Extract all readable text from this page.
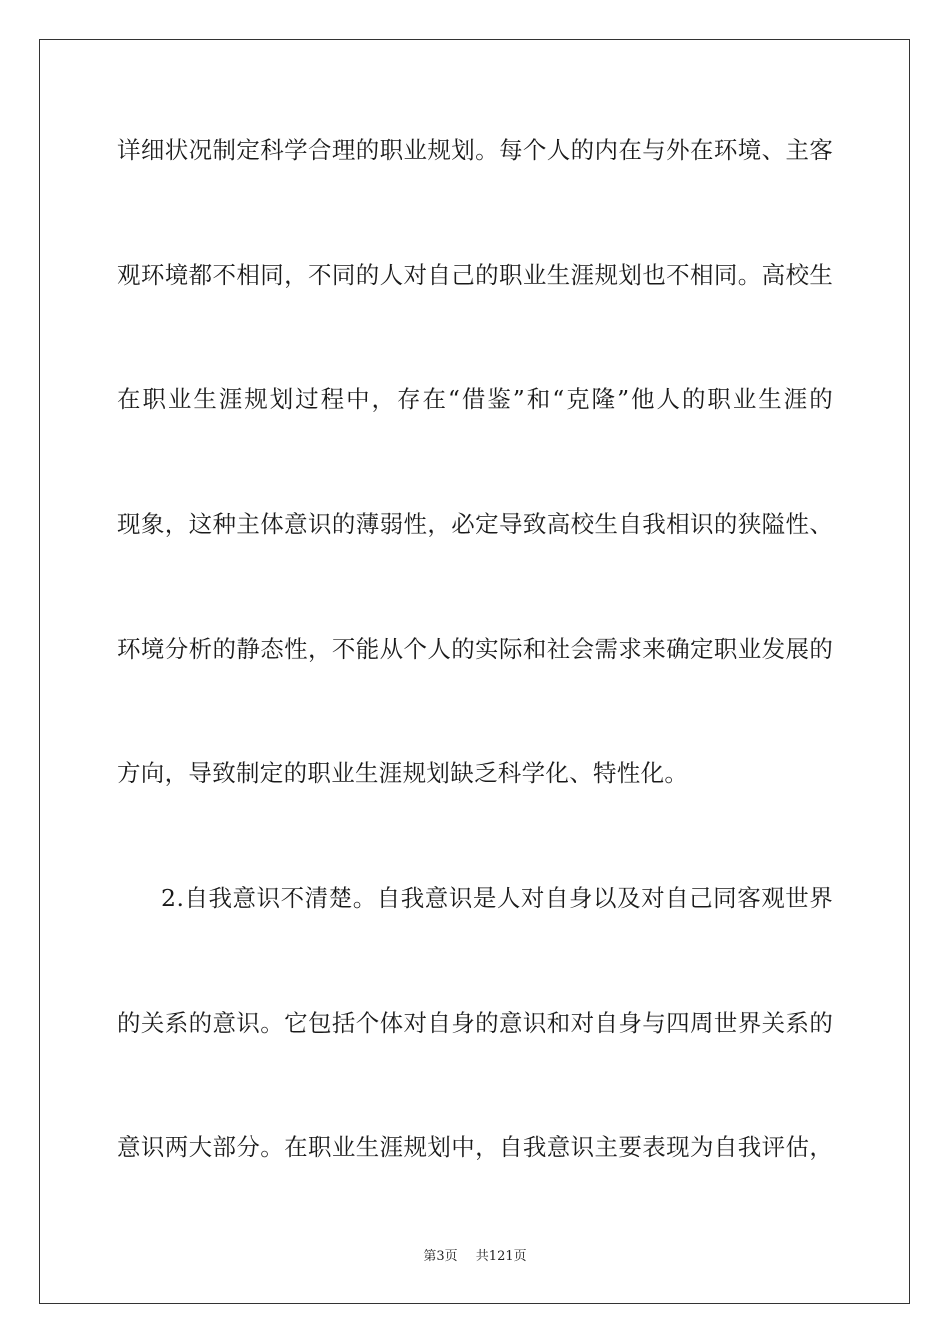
详细状况制定科学合理的职业规划。每个人的内在与外在环境、主客
观环境都不相同，不同的人对自己的职业生涯规划也不相同。高校生
在职业生涯规划过程中，存在“借鉴”和“克隆”他人的职业生涯的
现象，这种主体意识的薄弱性，必定导致高校生自我相识的狭隘性、
环境分析的静态性，不能从个人的实际和社会需求来确定职业发展的
方向，导致制定的职业生涯规划缺乏科学化、特性化。
2.自我意识不清楚。自我意识是人对自身以及对自己同客观世界
的关系的意识。它包括个体对自身的意识和对自身与四周世界关系的
意识两大部分。在职业生涯规划中，自我意识主要表现为自我评估，
第3页 共121页
